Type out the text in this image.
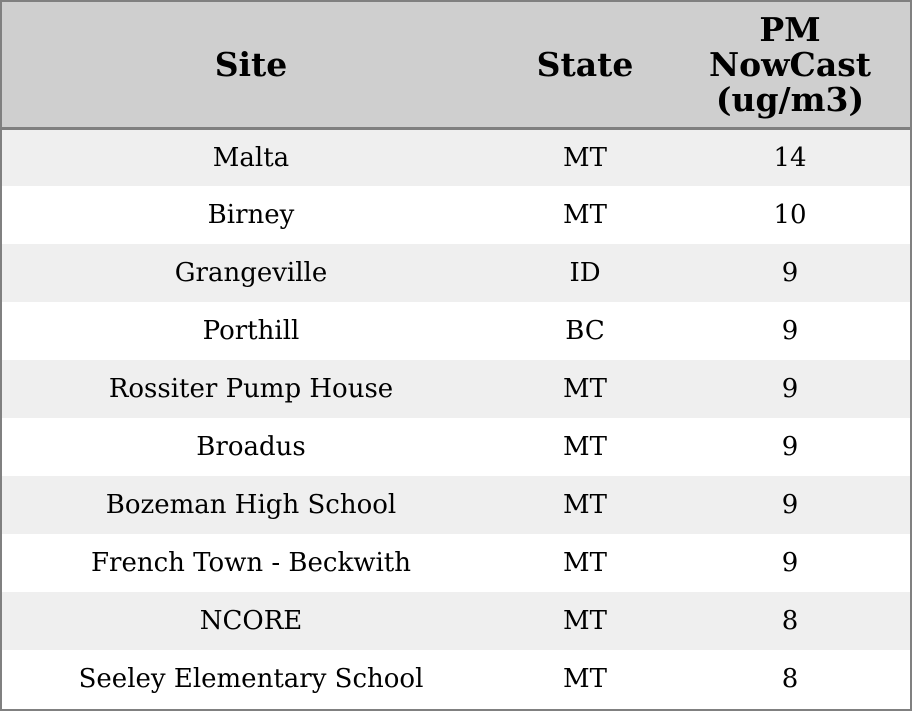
Site	State	PM
NowCast
(ug/m3)
Malta	MT	14
Birney	MT	10
Grangeville	ID	9
Porthill	BC	9
Rossiter Pump House	MT	9
Broadus	MT	9
Bozeman High School	MT	9
French Town - Beckwith	MT	9
NCORE	MT	8
Seeley Elementary School	MT	8
